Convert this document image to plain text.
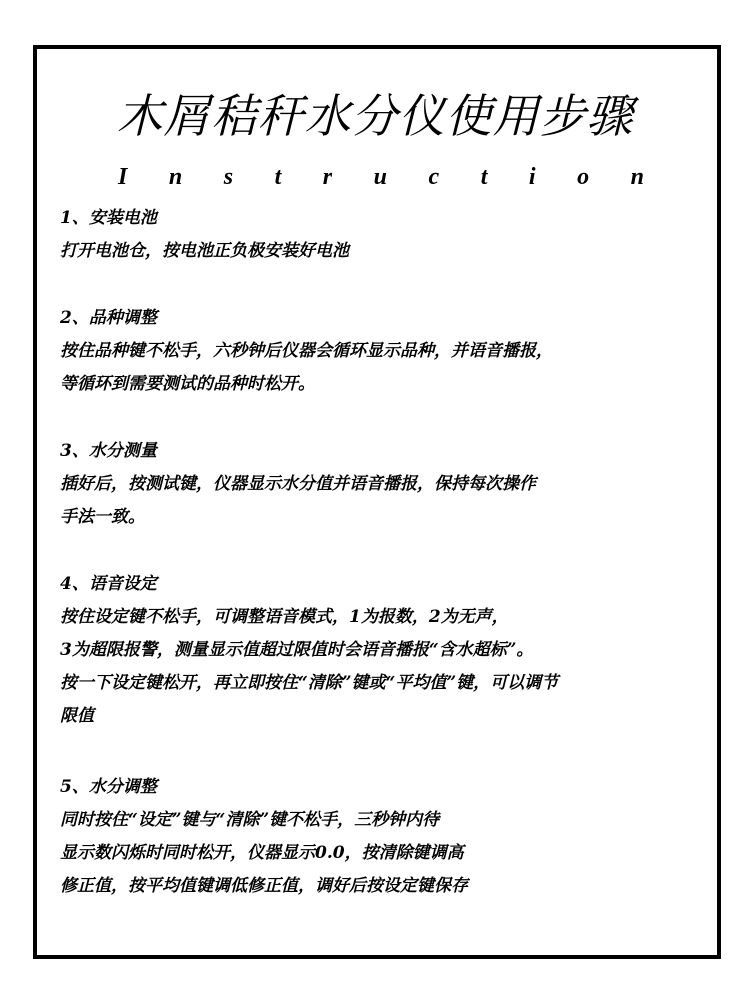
木屑秸秆水分仪使用步骤
I n s t r u c t i o n
1、安装电池
打开电池仓，按电池正负极安装好电池
2、品种调整
按住品种键不松手，六秒钟后仪器会循环显示品种，并语音播报，
等循环到需要测试的品种时松开。
3、水分测量
插好后，按测试键，仪器显示水分值并语音播报，保持每次操作
手法一致。
4、语音设定
按住设定键不松手，可调整语音模式，1为报数，2为无声，
3为超限报警，测量显示值超过限值时会语音播报“含水超标”。
按一下设定键松开，再立即按住“清除”键或“平均值”键，可以调节
限值
5、水分调整
同时按住“设定”键与“清除”键不松手，三秒钟内待
显示数闪烁时同时松开，仪器显示0.0，按清除键调高
修正值，按平均值键调低修正值，调好后按设定键保存
